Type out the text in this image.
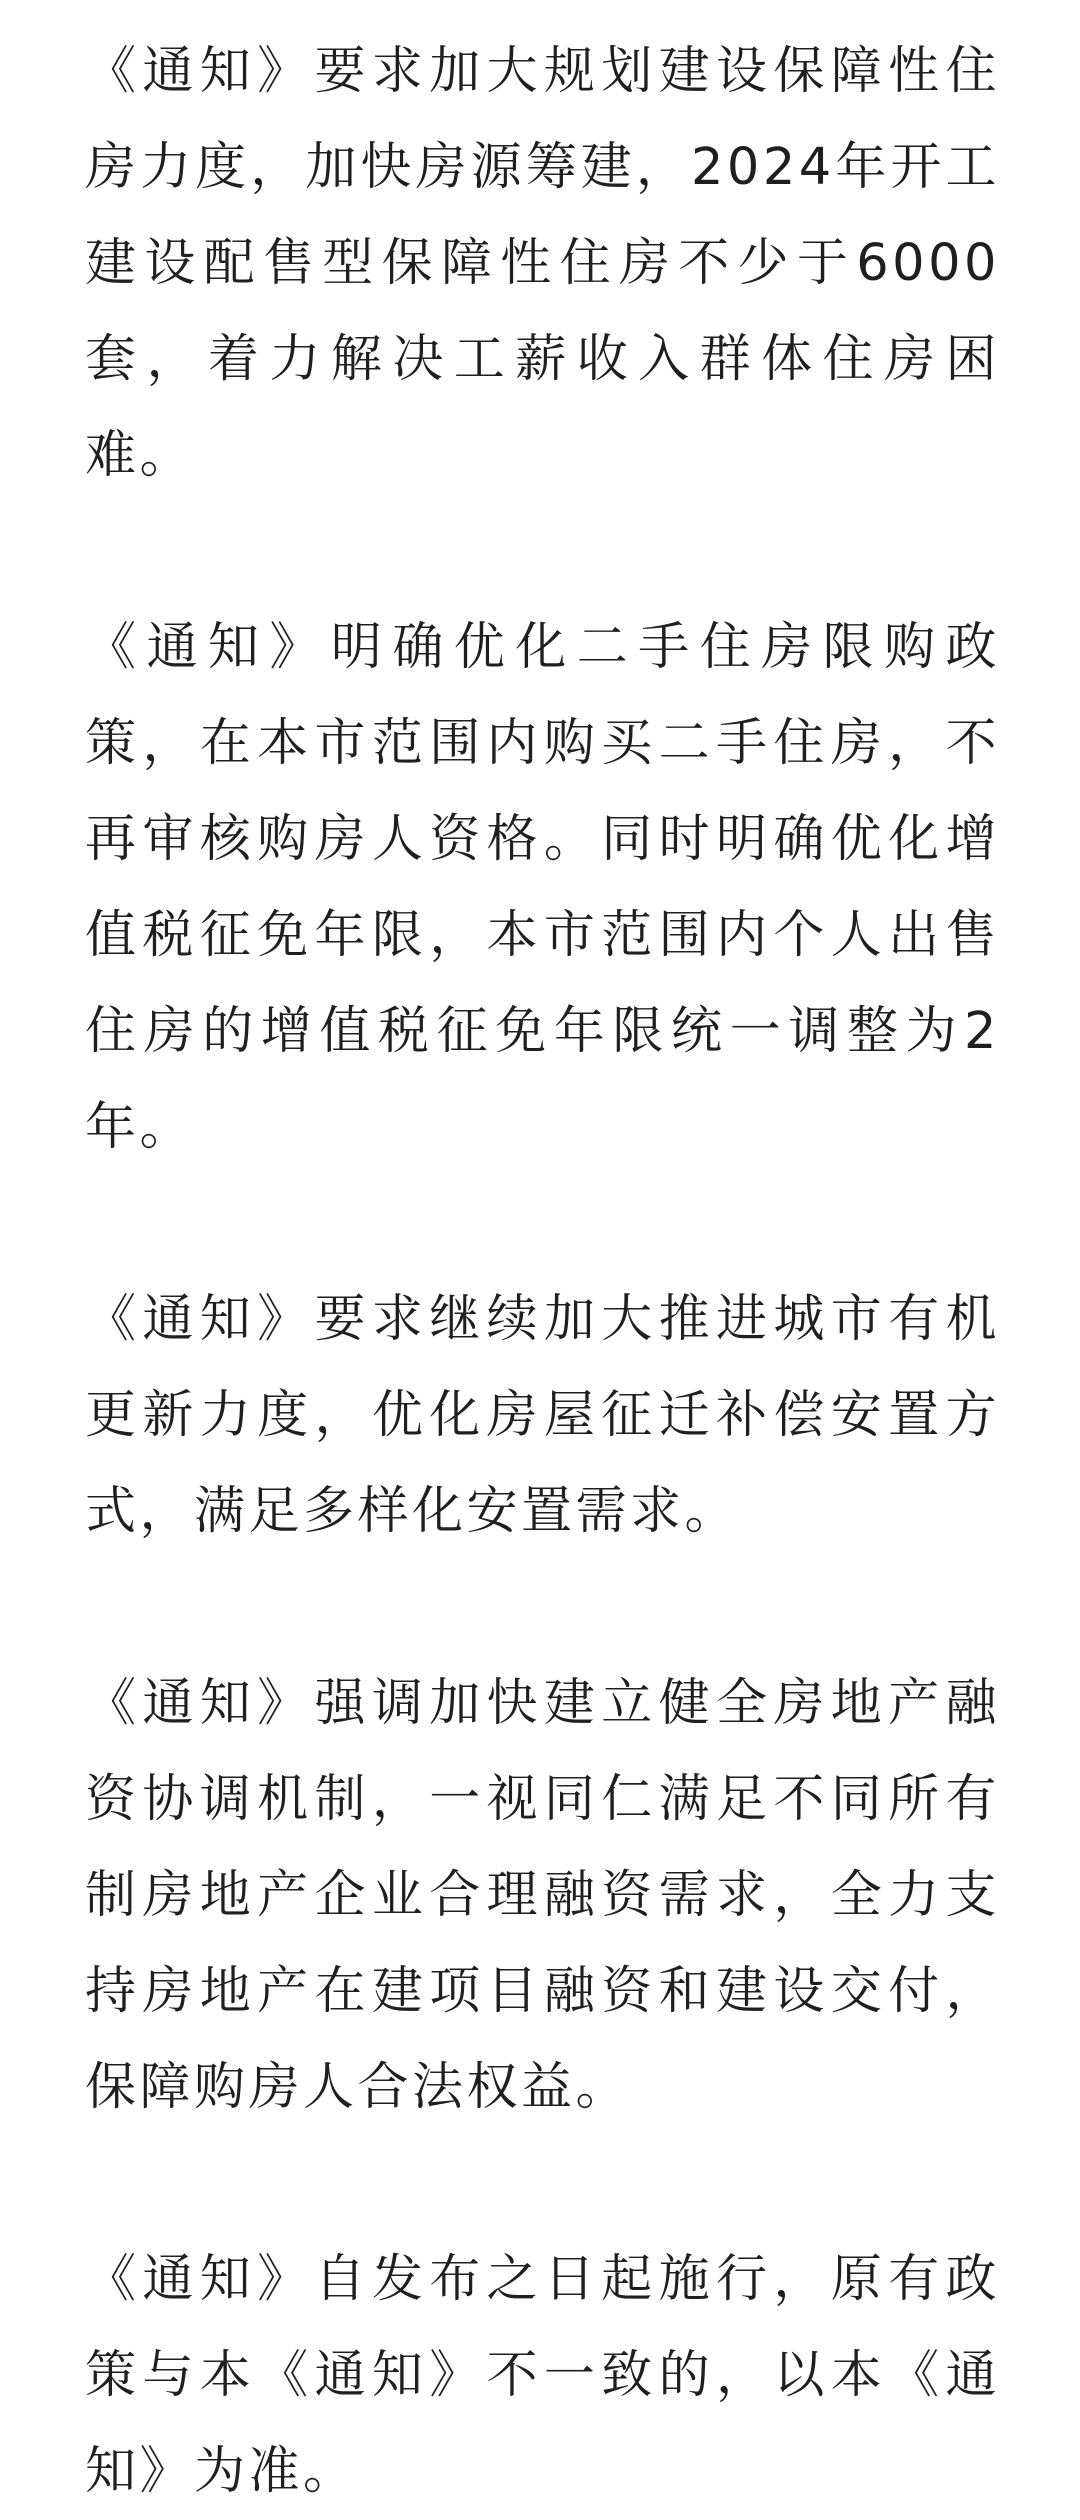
《通知》要求加大规划建设保障性住房力度，加快房源筹建，2024年开工建设配售型保障性住房不少于6000套，着力解决工薪收入群体住房困难。

《通知》明确优化二手住房限购政策，在本市范围内购买二手住房，不再审核购房人资格。同时明确优化增值税征免年限，本市范围内个人出售住房的增值税征免年限统一调整为2年。

《通知》要求继续加大推进城市有机更新力度，优化房屋征迁补偿安置方式，满足多样化安置需求。

《通知》强调加快建立健全房地产融资协调机制，一视同仁满足不同所有制房地产企业合理融资需求，全力支持房地产在建项目融资和建设交付，保障购房人合法权益。

《通知》自发布之日起施行，原有政策与本《通知》不一致的，以本《通知》为准。
